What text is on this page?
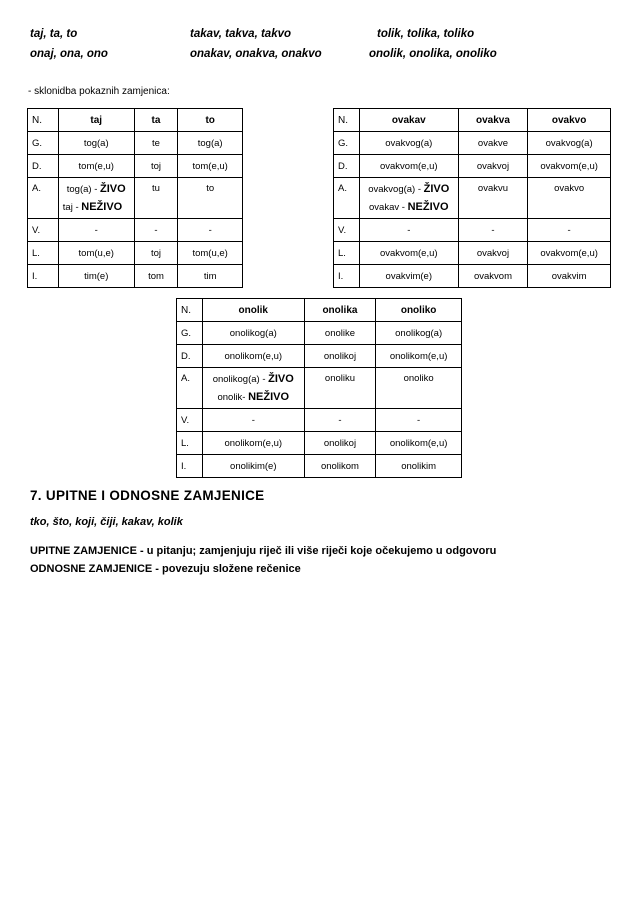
taj, ta, to	takav, takva, takvo	tolik, tolika, toliko
onaj, ona, ono	onakav, onakva, onakvo	onolik, onolika, onoliko
- sklonidba pokaznih zamjenica:
N.	taj	ta	to
G.	tog(a)	te	tog(a)
D.	tom(e,u)	toj	tom(e,u)
A.	tog(a) - ŽIVO
taj - NEŽIVO	tu	to
V.	-	-	-
L.	tom(u,e)	toj	tom(u,e)
I.	tim(e)	tom	tim
N.	ovakav	ovakva	ovakvo
G.	ovakvog(a)	ovakve	ovakvog(a)
D.	ovakvom(e,u)	ovakvoj	ovakvom(e,u)
A.	ovakvog(a) - ŽIVO
ovakav - NEŽIVO	ovakvu	ovakvo
V.	-	-	-
L.	ovakvom(e,u)	ovakvoj	ovakvom(e,u)
I.	ovakvim(e)	ovakvom	ovakvim
N.	onolik	onolika	onoliko
G.	onolikog(a)	onolike	onolikog(a)
D.	onolikom(e,u)	onolikoj	onolikom(e,u)
A.	onolikog(a) - ŽIVO
onolik- NEŽIVO	onoliku	onoliko
V.	-	-	-
L.	onolikom(e,u)	onolikoj	onolikom(e,u)
I.	onolikim(e)	onolikom	onolikim
7. UPITNE I ODNOSNE ZAMJENICE
tko, što, koji, čiji, kakav, kolik
UPITNE ZAMJENICE - u pitanju; zamjenjuju riječ ili više riječi koje očekujemo u odgovoru
ODNOSNE ZAMJENICE - povezuju složene rečenice
